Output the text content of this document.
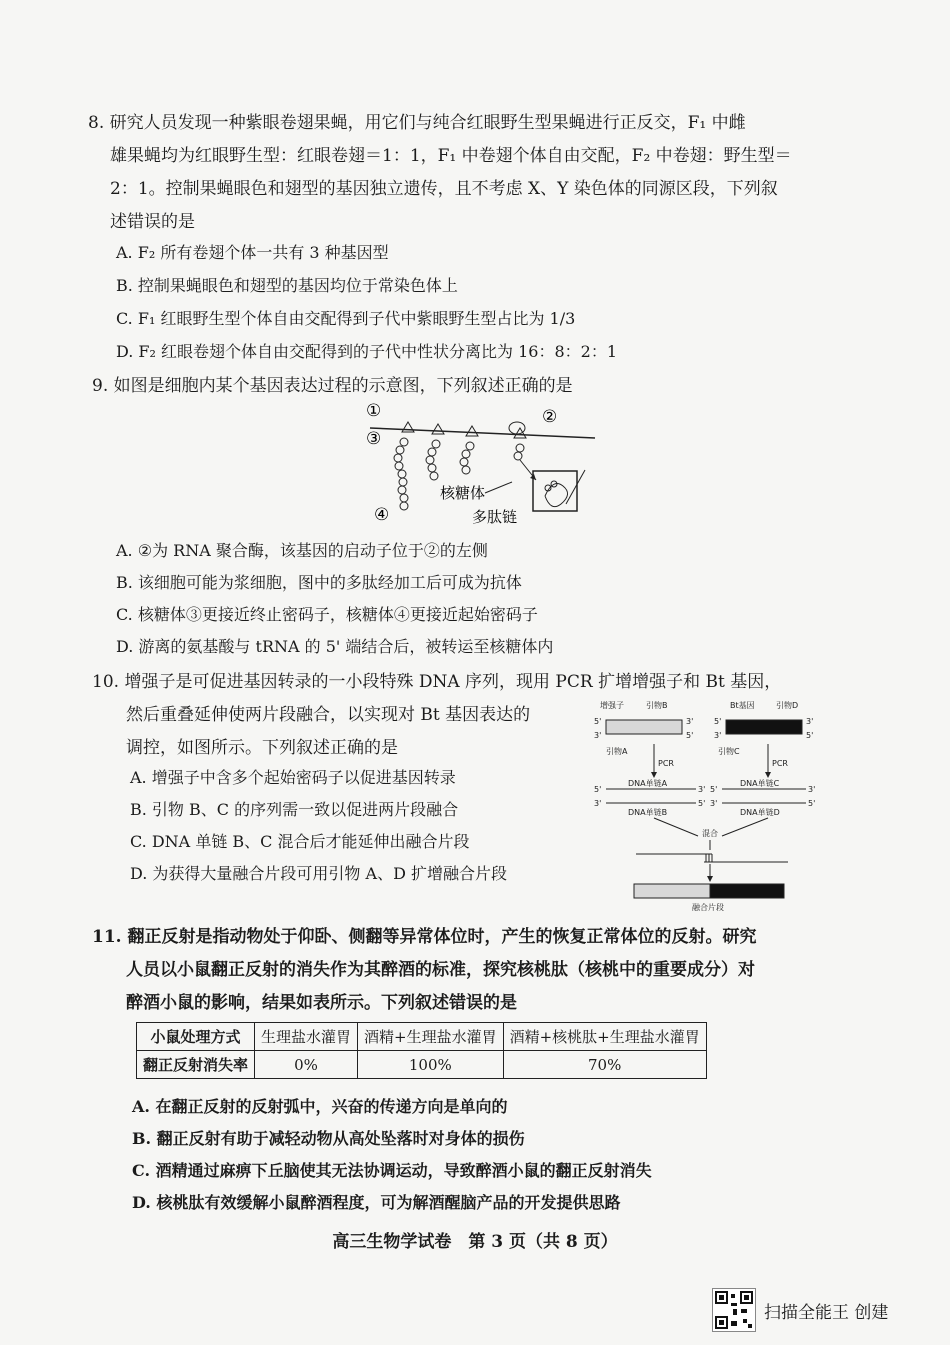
8. 研究人员发现一种紫眼卷翅果蝇，用它们与纯合红眼野生型果蝇进行正反交，F₁ 中雌
雄果蝇均为红眼野生型：红眼卷翅＝1：1，F₁ 中卷翅个体自由交配，F₂ 中卷翅：野生型＝
2：1。控制果蝇眼色和翅型的基因独立遗传，且不考虑 X、Y 染色体的同源区段，下列叙
述错误的是
A. F₂ 所有卷翅个体一共有 3 种基因型
B. 控制果蝇眼色和翅型的基因均位于常染色体上
C. F₁ 红眼野生型个体自由交配得到子代中紫眼野生型占比为 1/3
D. F₂ 红眼卷翅个体自由交配得到的子代中性状分离比为 16：8：2：1
9. 如图是细胞内某个基因表达过程的示意图，下列叙述正确的是
①	②
③
④
核糖体
多肽链
A. ②为 RNA 聚合酶，该基因的启动子位于②的左侧
B. 该细胞可能为浆细胞，图中的多肽经加工后可成为抗体
C. 核糖体③更接近终止密码子，核糖体④更接近起始密码子
D. 游离的氨基酸与 tRNA 的 5' 端结合后，被转运至核糖体内
10. 增强子是可促进基因转录的一小段特殊 DNA 序列，现用 PCR 扩增增强子和 Bt 基因，
然后重叠延伸使两片段融合，以实现对 Bt 基因表达的
调控，如图所示。下列叙述正确的是
A. 增强子中含多个起始密码子以促进基因转录
B. 引物 B、C 的序列需一致以促进两片段融合
C. DNA 单链 B、C 混合后才能延伸出融合片段
D. 为获得大量融合片段可用引物 A、D 扩增融合片段
增强子	引物B	Bt基因	引物D
5'
3'
3'
5'
5'
3'
3'
5'
引物A	引物C
PCR	PCR
5'	3'
DNA单链A
3'	5'
DNA单链B
5'	3'
DNA单链C
3'	5'
DNA单链D
混合
融合片段
11. 翻正反射是指动物处于仰卧、侧翻等异常体位时，产生的恢复正常体位的反射。研究
人员以小鼠翻正反射的消失作为其醉酒的标准，探究核桃肽（核桃中的重要成分）对
醉酒小鼠的影响，结果如表所示。下列叙述错误的是
小鼠处理方式	生理盐水灌胃	酒精+生理盐水灌胃	酒精+核桃肽+生理盐水灌胃
翻正反射消失率	0%	100%	70%
A. 在翻正反射的反射弧中，兴奋的传递方向是单向的
B. 翻正反射有助于减轻动物从高处坠落时对身体的损伤
C. 酒精通过麻痹下丘脑使其无法协调运动，导致醉酒小鼠的翻正反射消失
D. 核桃肽有效缓解小鼠醉酒程度，可为解酒醒脑产品的开发提供思路
高三生物学试卷　第 3 页（共 8 页）
扫描全能王 创建
